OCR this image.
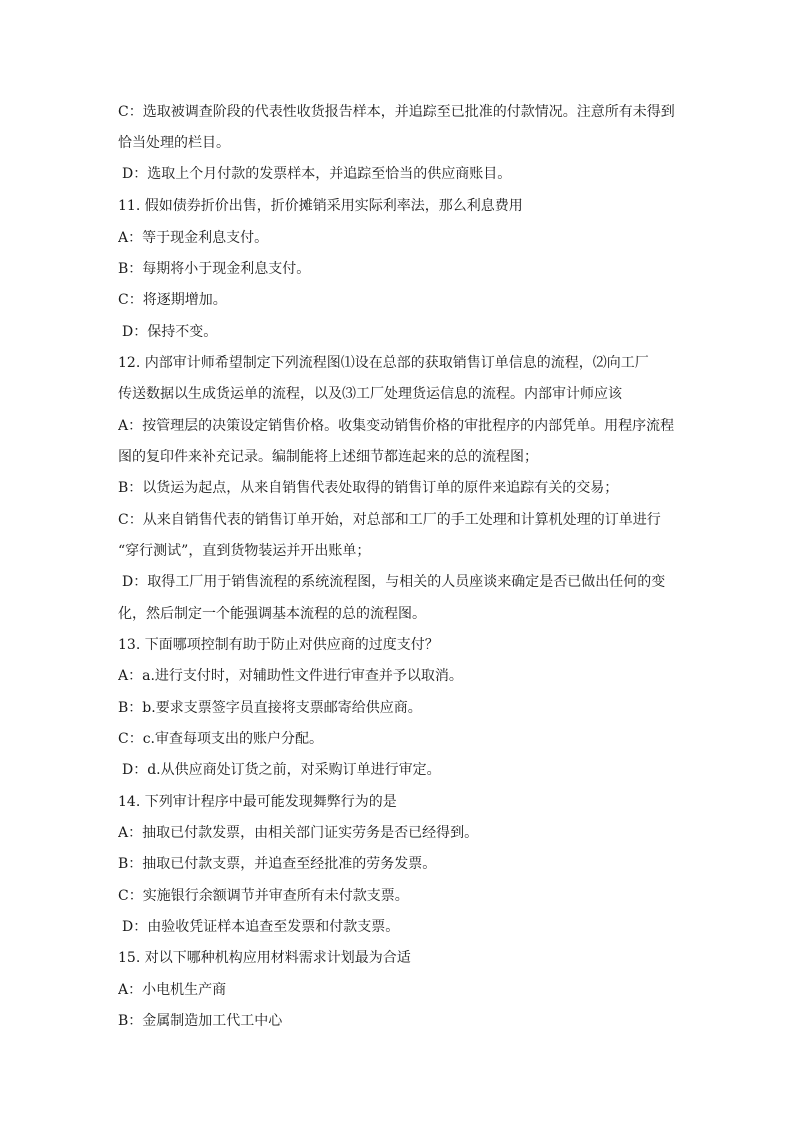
C：选取被调查阶段的代表性收货报告样本，并追踪至已批准的付款情况。注意所有未得到
恰当处理的栏目。
D：选取上个月付款的发票样本，并追踪至恰当的供应商账目。
11. 假如债券折价出售，折价摊销采用实际利率法，那么利息费用
A：等于现金利息支付。
B：每期将小于现金利息支付。
C：将逐期增加。
D：保持不变。
12. 内部审计师希望制定下列流程图⑴设在总部的获取销售订单信息的流程，⑵向工厂
传送数据以生成货运单的流程，以及⑶工厂处理货运信息的流程。内部审计师应该
A：按管理层的决策设定销售价格。收集变动销售价格的审批程序的内部凭单。用程序流程
图的复印件来补充记录。编制能将上述细节都连起来的总的流程图；
B：以货运为起点，从来自销售代表处取得的销售订单的原件来追踪有关的交易；
C：从来自销售代表的销售订单开始，对总部和工厂的手工处理和计算机处理的订单进行
“穿行测试”，直到货物装运并开出账单；
D：取得工厂用于销售流程的系统流程图，与相关的人员座谈来确定是否已做出任何的变
化，然后制定一个能强调基本流程的总的流程图。
13. 下面哪项控制有助于防止对供应商的过度支付？
A：a.进行支付时，对辅助性文件进行审查并予以取消。
B：b.要求支票签字员直接将支票邮寄给供应商。
C：c.审查每项支出的账户分配。
D：d.从供应商处订货之前，对采购订单进行审定。
14. 下列审计程序中最可能发现舞弊行为的是
A：抽取已付款发票，由相关部门证实劳务是否已经得到。
B：抽取已付款支票，并追查至经批准的劳务发票。
C：实施银行余额调节并审查所有未付款支票。
D：由验收凭证样本追查至发票和付款支票。
15. 对以下哪种机构应用材料需求计划最为合适
A：小电机生产商
B：金属制造加工代工中心
